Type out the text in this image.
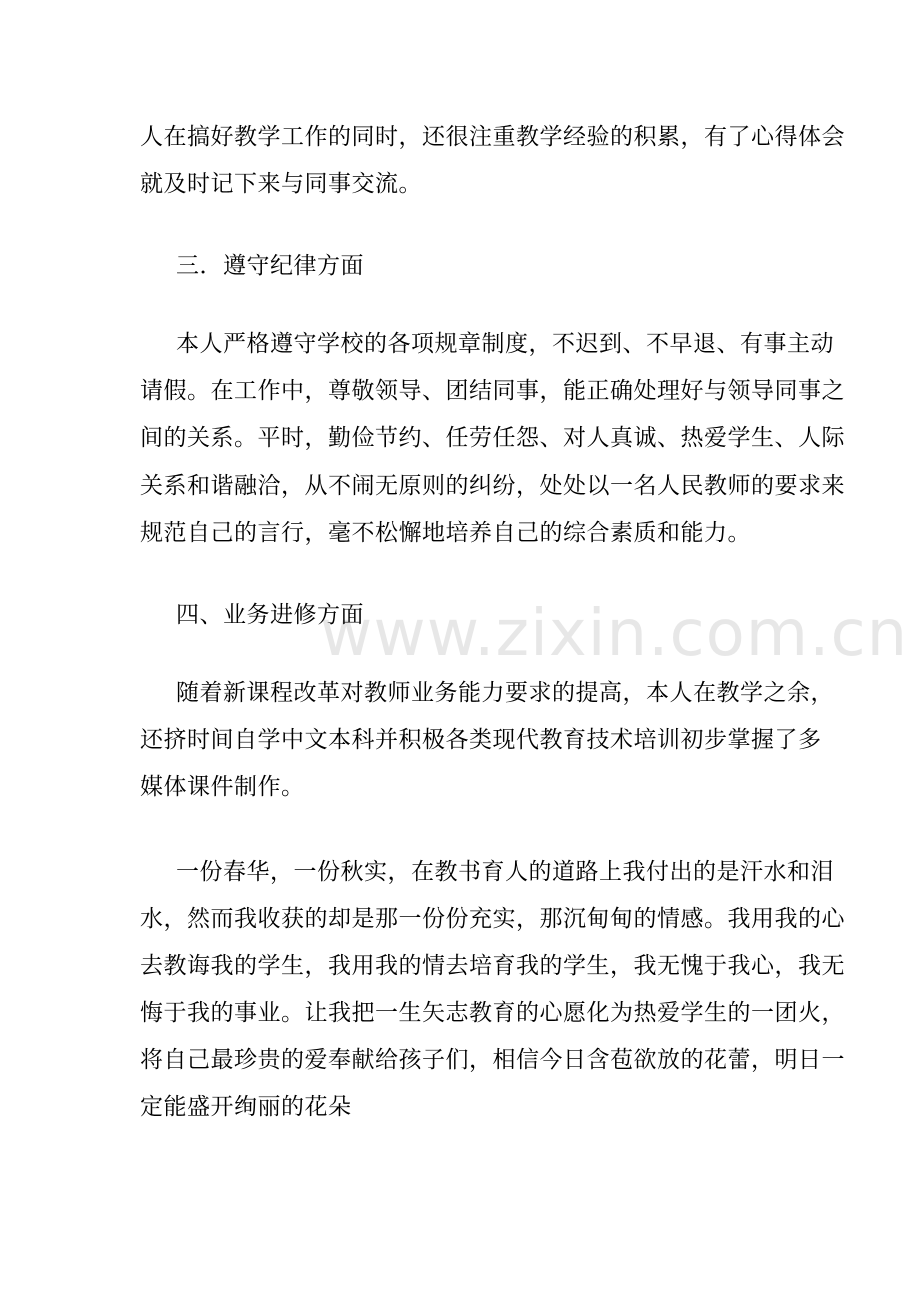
人在搞好教学工作的同时，还很注重教学经验的积累，有了心得体会
就及时记下来与同事交流。
三．遵守纪律方面
本人严格遵守学校的各项规章制度，不迟到、不早退、有事主动
请假。在工作中，尊敬领导、团结同事，能正确处理好与领导同事之
间的关系。平时，勤俭节约、任劳任怨、对人真诚、热爱学生、人际
关系和谐融洽，从不闹无原则的纠纷，处处以一名人民教师的要求来
规范自己的言行，毫不松懈地培养自己的综合素质和能力。
四、业务进修方面
随着新课程改革对教师业务能力要求的提高，本人在教学之余，
还挤时间自学中文本科并积极各类现代教育技术培训初步掌握了多
媒体课件制作。
一份春华，一份秋实，在教书育人的道路上我付出的是汗水和泪
水，然而我收获的却是那一份份充实，那沉甸甸的情感。我用我的心
去教诲我的学生，我用我的情去培育我的学生，我无愧于我心，我无
悔于我的事业。让我把一生矢志教育的心愿化为热爱学生的一团火，
将自己最珍贵的爱奉献给孩子们，相信今日含苞欲放的花蕾，明日一
定能盛开绚丽的花朵
www.zixin.com.cn
